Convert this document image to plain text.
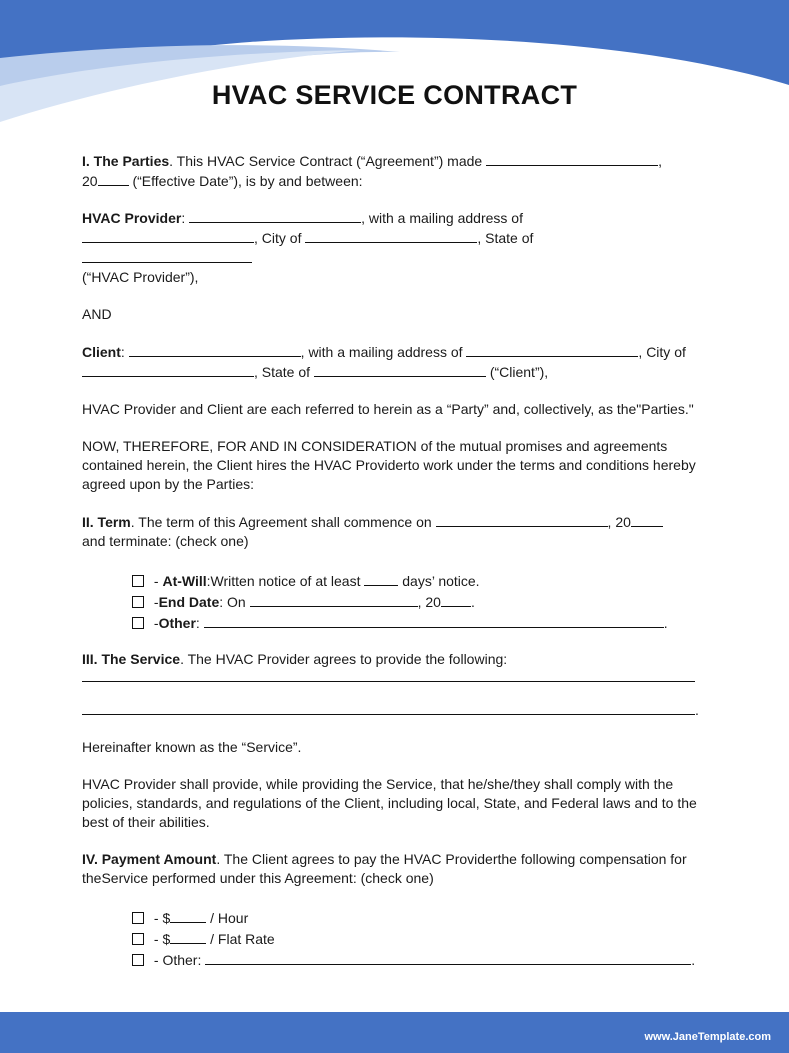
HVAC SERVICE CONTRACT

I. The Parties. This HVAC Service Contract (“Agreement”) made	,
20 (“Effective Date”), is by and between:

HVAC Provider:	, with a mailing address of
, City of	, State of
(“HVAC Provider”),

AND

Client:	, with a mailing address of	, City of
, State of	(“Client”),

HVAC Provider and Client are each referred to herein as a “Party” and, collectively, as the"Parties."

NOW, THEREFORE, FOR AND IN CONSIDERATION of the mutual promises and agreements contained herein, the Client hires the HVAC Providerto work under the terms and conditions hereby agreed upon by the Parties:

II. Term. The term of this Agreement shall commence on	, 20
and terminate: (check one)

- At-Will:Written notice of at least	days’ notice.
-End Date: On	, 20 .
-Other:	.

III. The Service. The HVAC Provider agrees to provide the following:

.

Hereinafter known as the “Service”.

HVAC Provider shall provide, while providing the Service, that he/she/they shall comply with the policies, standards, and regulations of the Client, including local, State, and Federal laws and to the best of their abilities.

IV. Payment Amount. The Client agrees to pay the HVAC Providerthe following compensation for theService performed under this Agreement: (check one)

- $	/ Hour
- $	/ Flat Rate
- Other:	.
www.JaneTemplate.com
